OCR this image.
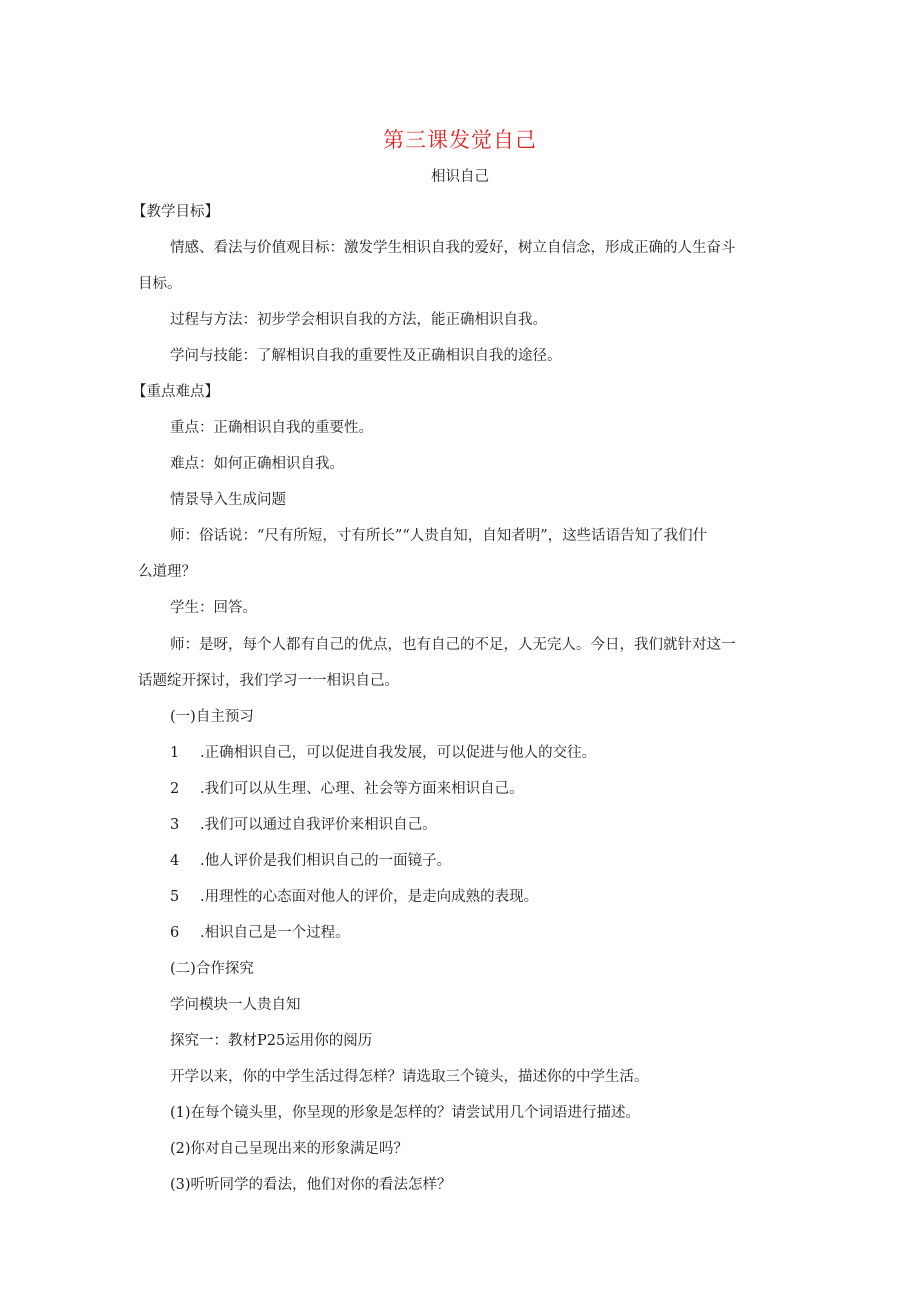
第三课发觉自己
相识自己
【教学目标】
情感、看法与价值观目标：激发学生相识自我的爱好，树立自信念，形成正确的人生奋斗
目标。
过程与方法：初步学会相识自我的方法，能正确相识自我。
学问与技能：了解相识自我的重要性及正确相识自我的途径。
【重点难点】
重点：正确相识自我的重要性。
难点：如何正确相识自我。
情景导入生成问题
师：俗话说：“尺有所短，寸有所长”“人贵自知，自知者明”，这些话语告知了我们什
么道理？
学生：回答。
师：是呀，每个人都有自己的优点，也有自己的不足，人无完人。今日，我们就针对这一
话题绽开探讨，我们学习一一相识自己。
(一)自主预习
1 .正确相识自己，可以促进自我发展，可以促进与他人的交往。
2 .我们可以从生理、心理、社会等方面来相识自己。
3 .我们可以通过自我评价来相识自己。
4 .他人评价是我们相识自己的一面镜子。
5 .用理性的心态面对他人的评价，是走向成熟的表现。
6 .相识自己是一个过程。
(二)合作探究
学问模块一人贵自知
探究一：教材P25运用你的阅历
开学以来，你的中学生活过得怎样？请选取三个镜头，描述你的中学生活。
(1)在每个镜头里，你呈现的形象是怎样的？请尝试用几个词语进行描述。
(2)你对自己呈现出来的形象满足吗？
(3)听听同学的看法，他们对你的看法怎样？
